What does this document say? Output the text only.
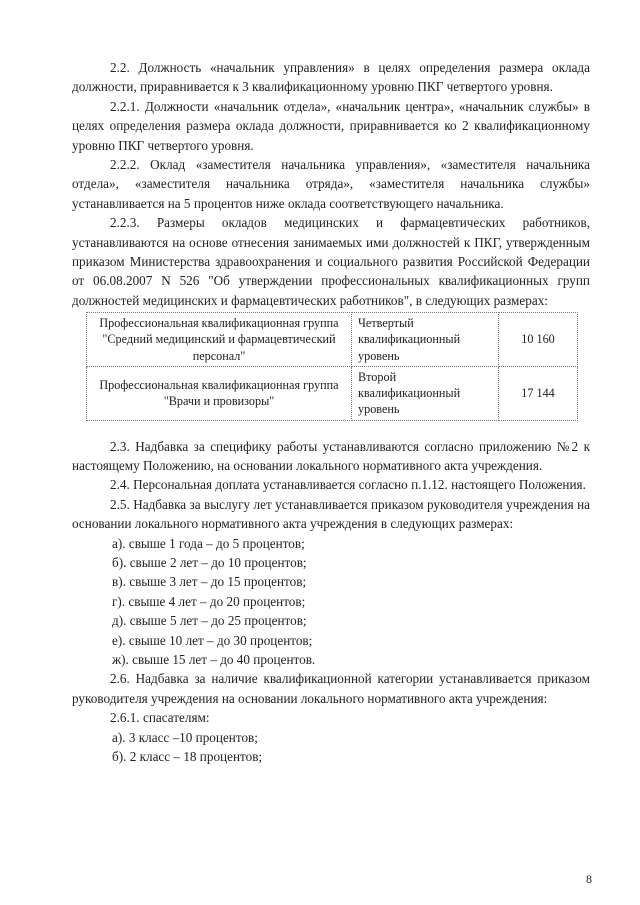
2.2. Должность «начальник управления» в целях определения размера оклада должности, приравнивается к 3 квалификационному уровню ПКГ четвертого уровня.

2.2.1. Должности «начальник отдела», «начальник центра», «начальник службы» в целях определения размера оклада должности, приравнивается ко 2 квалификационному уровню ПКГ четвертого уровня.

2.2.2. Оклад «заместителя начальника управления», «заместителя начальника отдела», «заместителя начальника отряда», «заместителя начальника службы» устанавливается на 5 процентов ниже оклада соответствующего начальника.

2.2.3. Размеры окладов медицинских и фармацевтических работников, устанавливаются на основе отнесения занимаемых ими должностей к ПКГ, утвержденным приказом Министерства здравоохранения и социального развития Российской Федерации от 06.08.2007 N 526 "Об утверждении профессиональных квалификационных групп должностей медицинских и фармацевтических работников", в следующих размерах:

Профессиональная квалификационная группа "Средний медицинский и фармацевтический персонал"	Четвертый квалификационный уровень	10 160
Профессиональная квалификационная группа "Врачи и провизоры"	Второй квалификационный уровень	17 144

2.3. Надбавка за специфику работы устанавливаются согласно приложению №2 к настоящему Положению, на основании локального нормативного акта учреждения.

2.4. Персональная доплата устанавливается согласно п.1.12. настоящего Положения.

2.5. Надбавка за выслугу лет устанавливается приказом руководителя учреждения на основании локального нормативного акта учреждения в следующих размерах:

а). свыше 1 года – до 5 процентов;
б). свыше 2 лет – до 10 процентов;
в). свыше 3 лет – до 15 процентов;
г). свыше 4 лет – до 20 процентов;
д). свыше 5 лет – до 25 процентов;
е). свыше 10 лет – до 30 процентов;
ж). свыше 15 лет – до 40 процентов.

2.6. Надбавка за наличие квалификационной категории устанавливается приказом руководителя учреждения на основании локального нормативного акта учреждения:

2.6.1. спасателям:

а). 3 класс –10 процентов;
б). 2 класс – 18 процентов;
8
